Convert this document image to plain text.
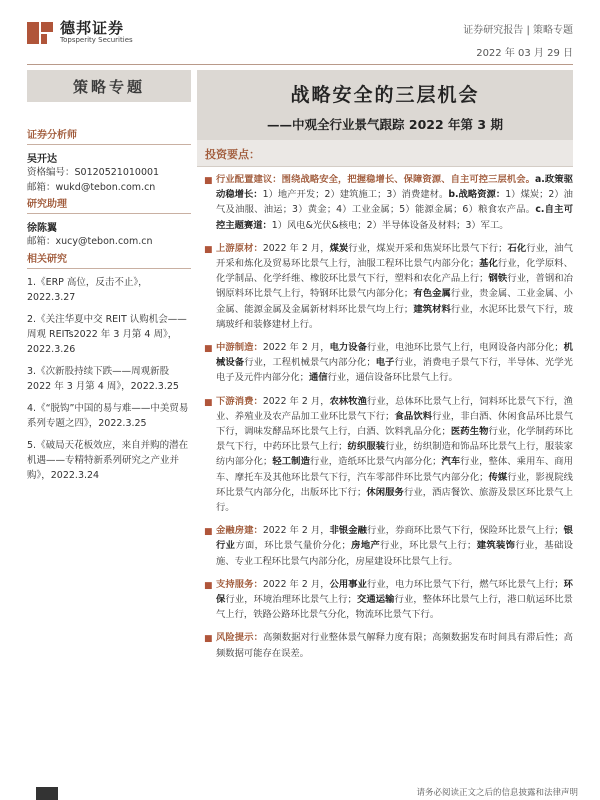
德邦证券
Topsperity Securities
证券研究报告 | 策略专题
2022 年 03 月 29 日
策略专题
证券分析师
吴开达
资格编号：S0120521010001
邮箱：wukd@tebon.com.cn
研究助理
徐陈翼
邮箱：xucy@tebon.com.cn
相关研究
1.《ERP 高位，反击不止》，2022.3.27
2.《关注华夏中交 REIT 认购机会——周观 REITs2022 年 3 月第 4 周》，2022.3.26
3.《次新股持续下跌——周观新股 2022 年 3 月第 4 周》，2022.3.25
4.《“脱钩”中国的易与难——中美贸易系列专题之四》，2022.3.25
5.《破局天花板效应，来自并购的潜在机遇——专精特新系列研究之产业并购》，2022.3.24
战略安全的三层机会
——中观全行业景气跟踪 2022 年第 3 期
投资要点：
■ 行业配置建议：围绕战略安全，把握稳增长、保障资源、自主可控三层机会。a.政策驱动稳增长：1）地产开发；2）建筑施工；3）消费建材。b.战略资源：1）煤炭；2）油气及油服、油运；3）黄金；4）工业金属；5）能源金属；6）粮食农产品。c.自主可控主题赛道：1）风电&光伏&核电；2）半导体设备及材料；3）军工。
■ 上游原材：2022 年 2 月，煤炭行业，煤炭开采和焦炭环比景气下行；石化行业，油气开采和炼化及贸易环比景气上行，油服工程环比景气内部分化；基化行业，化学原料、化学制品、化学纤维、橡胶环比景气下行，塑料和农化产品上行；钢铁行业，普钢和冶钢原料环比景气上行，特钢环比景气内部分化；有色金属行业，贵金属、工业金属、小金属、能源金属及金属新材料环比景气均上行；建筑材料行业，水泥环比景气下行，玻璃玻纤和装修建材上行。
■ 中游制造：2022 年 2 月，电力设备行业，电池环比景气上行，电网设备内部分化；机械设备行业，工程机械景气内部分化；电子行业，消费电子景气下行，半导体、光学光电子及元件内部分化；通信行业，通信设备环比景气上行。
■ 下游消费：2022 年 2 月，农林牧渔行业，总体环比景气上行，饲料环比景气下行，渔业、养殖业及农产品加工业环比景气下行；食品饮料行业，非白酒、休闲食品环比景气下行，调味发酵品环比景气上行，白酒、饮料乳品分化；医药生物行业，化学制药环比景气下行，中药环比景气上行；纺织服装行业，纺织制造和饰品环比景气上行，服装家纺内部分化；轻工制造行业，造纸环比景气内部分化；汽车行业，整体、乘用车、商用车、摩托车及其他环比景气下行，汽车零部件环比景气内部分化；传媒行业，影视院线环比景气内部分化，出版环比下行；休闲服务行业，酒店餐饮、旅游及景区环比景气上行。
■ 金融房建：2022 年 2 月，非银金融行业，券商环比景气下行，保险环比景气上行；银行业方面，环比景气量价分化；房地产行业，环比景气上行；建筑装饰行业，基础设施、专业工程环比景气内部分化，房屋建设环比景气上行。
■ 支持服务：2022 年 2 月，公用事业行业，电力环比景气下行，燃气环比景气上行；环保行业，环境治理环比景气上行；交通运输行业，整体环比景气上行，港口航运环比景气上行，铁路公路环比景气分化，物流环比景气下行。
■ 风险提示：高频数据对行业整体景气解释力度有限；高频数据发布时间具有滞后性；高频数据可能存在误差。
请务必阅读正文之后的信息披露和法律声明
